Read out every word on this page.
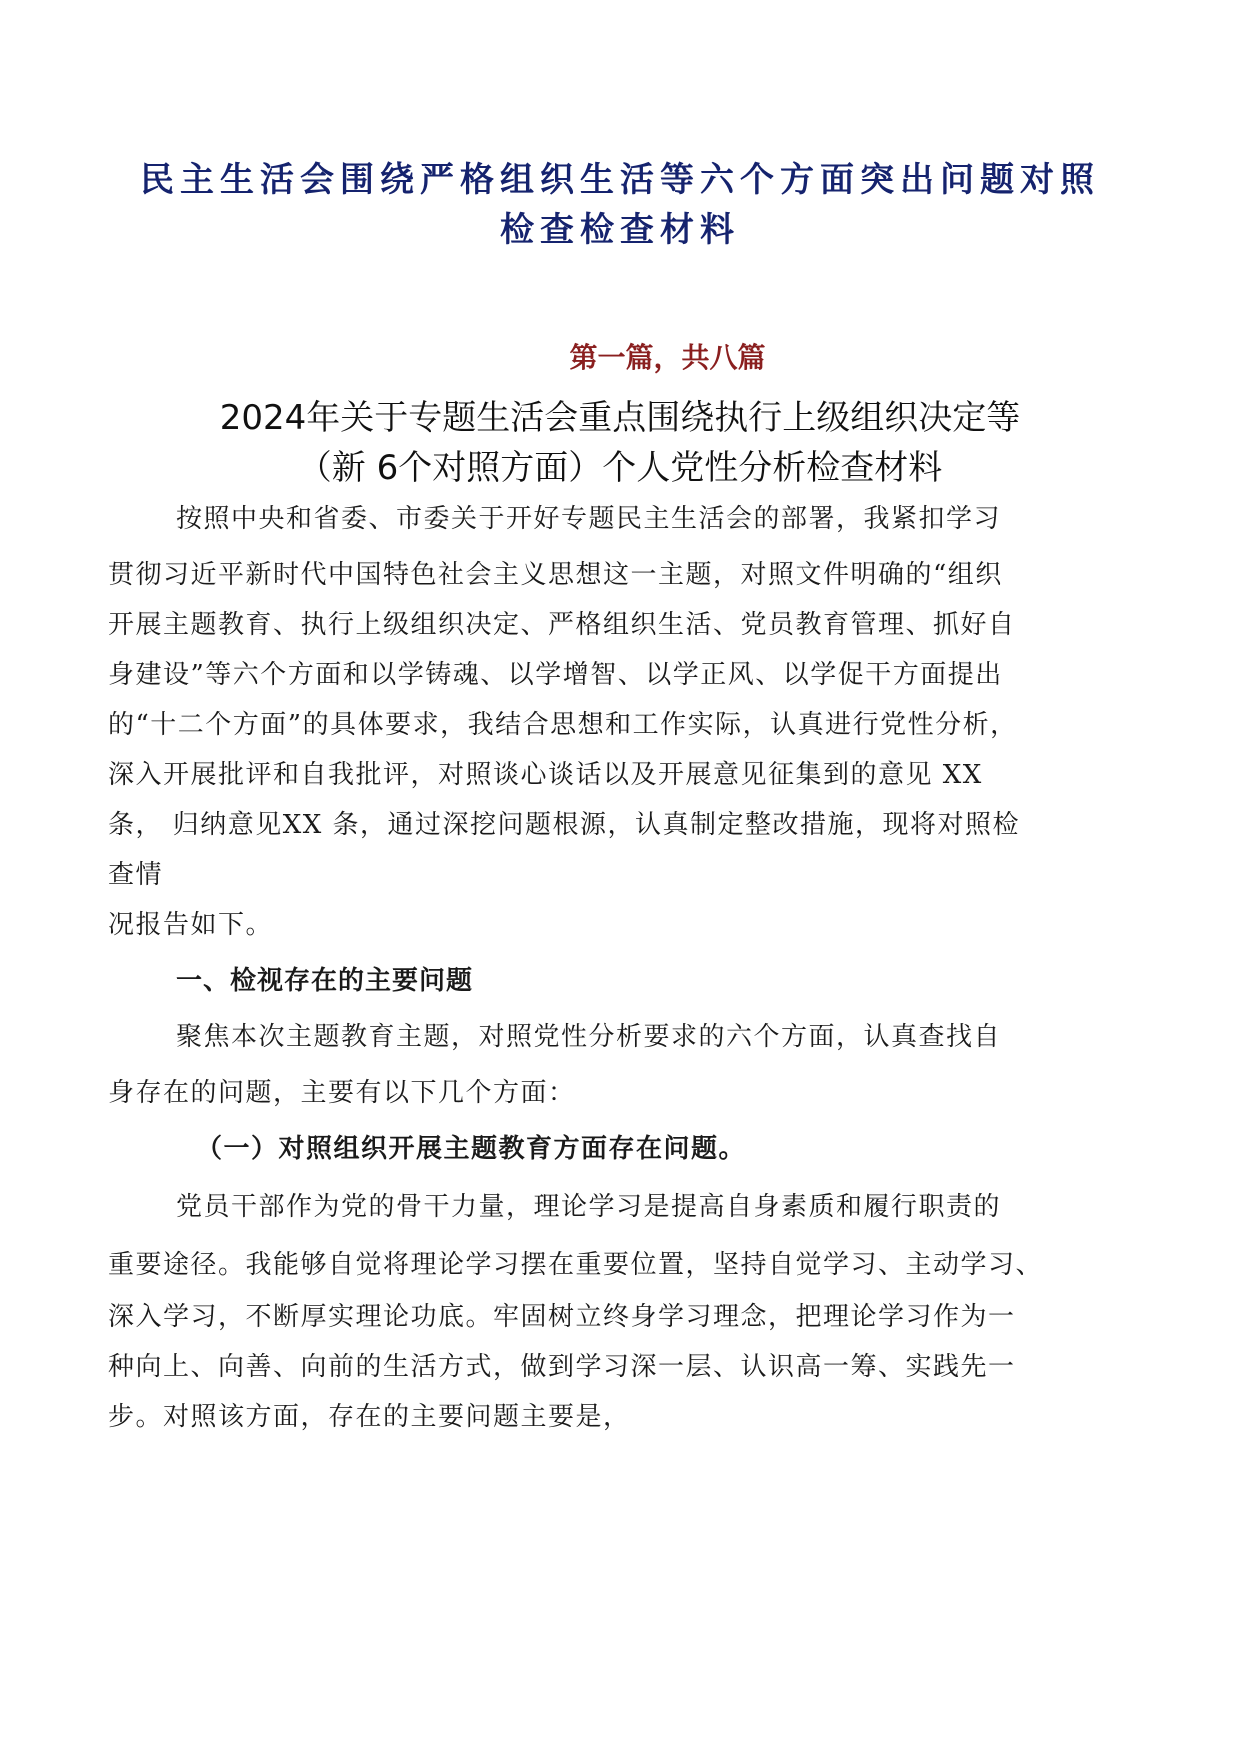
民主生活会围绕严格组织生活等六个方面突出问题对照
检查检查材料
第一篇，共八篇
2024年关于专题生活会重点围绕执行上级组织决定等
（新 6个对照方面）个人党性分析检查材料
按照中央和省委、市委关于开好专题民主生活会的部署，我紧扣学习
贯彻习近平新时代中国特色社会主义思想这一主题，对照文件明确的“组织
开展主题教育、执行上级组织决定、严格组织生活、党员教育管理、抓好自
身建设”等六个方面和以学铸魂、以学增智、以学正风、以学促干方面提出
的“十二个方面”的具体要求，我结合思想和工作实际，认真进行党性分析，
深入开展批评和自我批评，对照谈心谈话以及开展意见征集到的意见 XX
条， 归纳意见XX 条，通过深挖问题根源，认真制定整改措施，现将对照检
查情
况报告如下。
一、检视存在的主要问题
聚焦本次主题教育主题，对照党性分析要求的六个方面，认真查找自
身存在的问题，主要有以下几个方面：
（一）对照组织开展主题教育方面存在问题。
党员干部作为党的骨干力量，理论学习是提高自身素质和履行职责的
重要途径。我能够自觉将理论学习摆在重要位置，坚持自觉学习、主动学习、
深入学习，不断厚实理论功底。牢固树立终身学习理念，把理论学习作为一
种向上、向善、向前的生活方式，做到学习深一层、认识高一筹、实践先一
步。对照该方面，存在的主要问题主要是，
